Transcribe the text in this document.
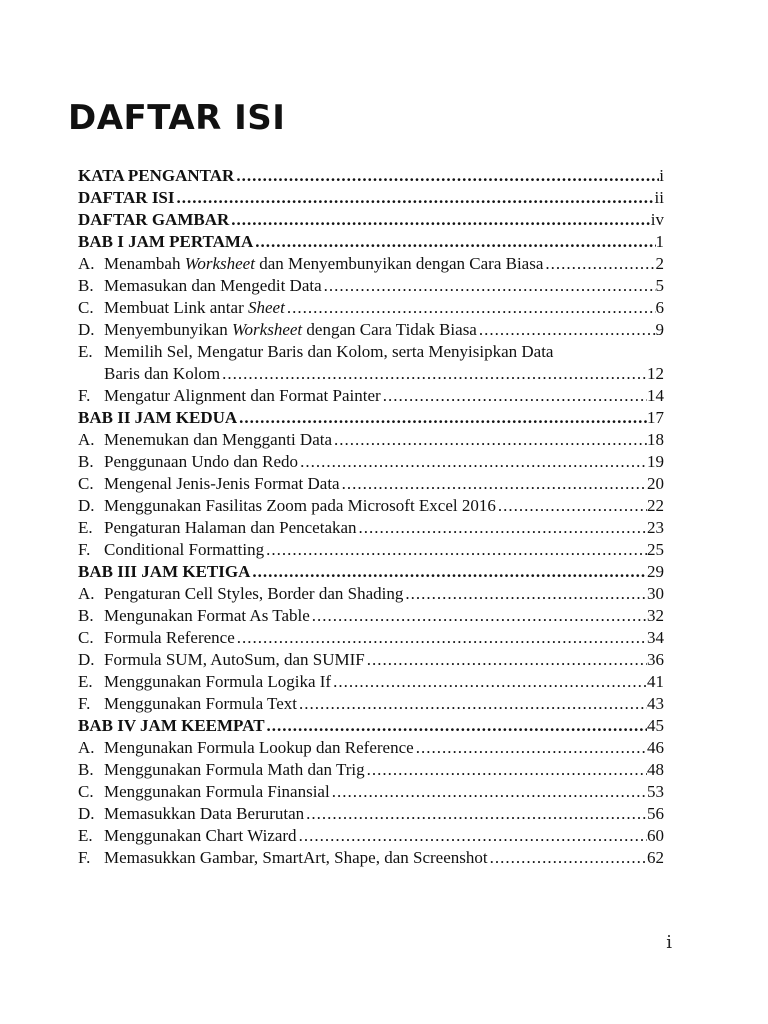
DAFTAR ISI
KATA PENGANTAR .....	i
DAFTAR ISI .....	ii
DAFTAR GAMBAR .....	iv
BAB I JAM PERTAMA .....	1
A. Menambah Worksheet dan Menyembunyikan dengan Cara Biasa .....	2
B. Memasukan dan Mengedit Data .....	5
C. Membuat Link antar Sheet .....	6
D. Menyembunyikan Worksheet dengan Cara Tidak Biasa .....	9
E. Memilih Sel, Mengatur Baris dan Kolom, serta Menyisipkan Data
Baris dan Kolom .....	12
F. Mengatur Alignment dan Format Painter .....	14
BAB II JAM KEDUA .....	17
A. Menemukan dan Mengganti Data .....	18
B. Penggunaan Undo dan Redo .....	19
C. Mengenal Jenis-Jenis Format Data .....	20
D. Menggunakan Fasilitas Zoom pada Microsoft Excel 2016 .....	22
E. Pengaturan Halaman dan Pencetakan .....	23
F. Conditional Formatting .....	25
BAB III JAM KETIGA .....	29
A. Pengaturan Cell Styles, Border dan Shading .....	30
B. Mengunakan Format As Table .....	32
C. Formula Reference .....	34
D. Formula SUM, AutoSum, dan SUMIF .....	36
E. Menggunakan Formula Logika If .....	41
F. Menggunakan Formula Text .....	43
BAB IV JAM KEEMPAT .....	45
A. Mengunakan Formula Lookup dan Reference .....	46
B. Menggunakan Formula Math dan Trig .....	48
C. Menggunakan Formula Finansial .....	53
D. Memasukkan Data Berurutan .....	56
E. Menggunakan Chart Wizard .....	60
F. Memasukkan Gambar, SmartArt, Shape, dan Screenshot .....	62
i
